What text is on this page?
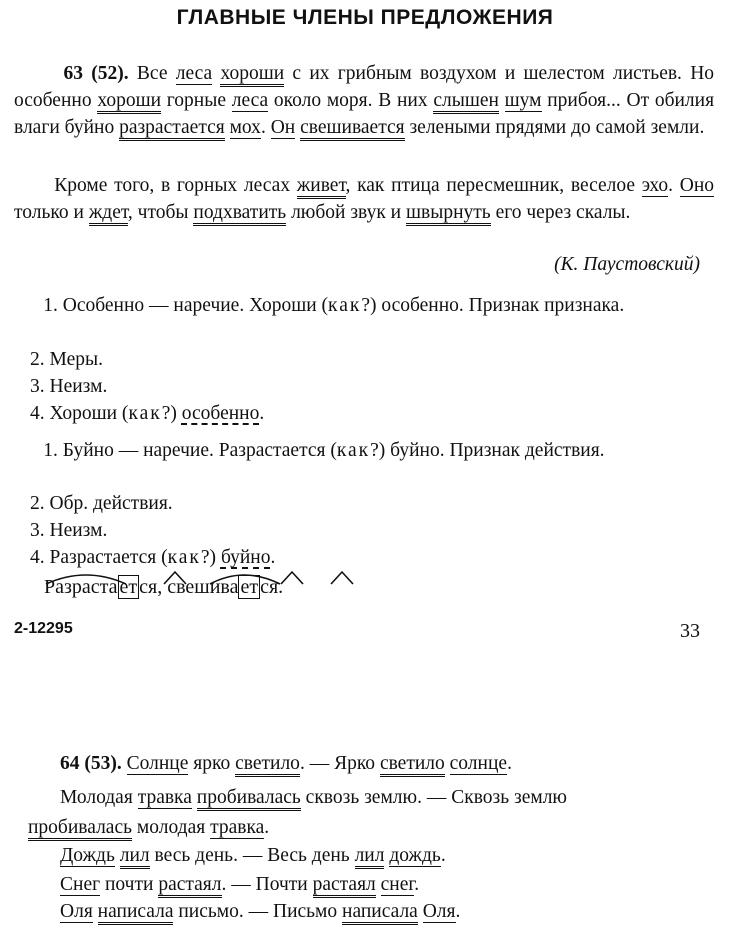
ГЛАВНЫЕ ЧЛЕНЫ ПРЕДЛОЖЕНИЯ
63 (52). Все леса хороши с их грибным воздухом и шелестом листьев. Но особенно хороши горные леса около моря. В них слышен шум прибоя... От обилия влаги буйно разрастается мох. Он свешивается зелеными прядями до самой земли.
Кроме того, в горных лесах живет, как птица пересмешник, веселое эхо. Оно только и ждет, чтобы подхватить любой звук и швырнуть его через скалы.
(К. Паустовский)
1. Особенно — наречие. Хороши (как?) особенно. Признак признака.
2. Меры.
3. Неизм.
4. Хороши (как?) особенно.
1. Буйно — наречие. Разрастается (как?) буйно. Признак действия.
2. Обр. действия.
3. Неизм.
4. Разрастается (как?) буйно.
Разраста ет ся, свешива ет ся.
2-12295	33
64 (53). Солнце ярко светило. — Ярко светило солнце.
Молодая травка пробивалась сквозь землю. — Сквозь землю
пробивалась молодая травка.
Дождь лил весь день. — Весь день лил дождь.
Снег почти растаял. — Почти растаял снег.
Оля написала письмо. — Письмо написала Оля.
